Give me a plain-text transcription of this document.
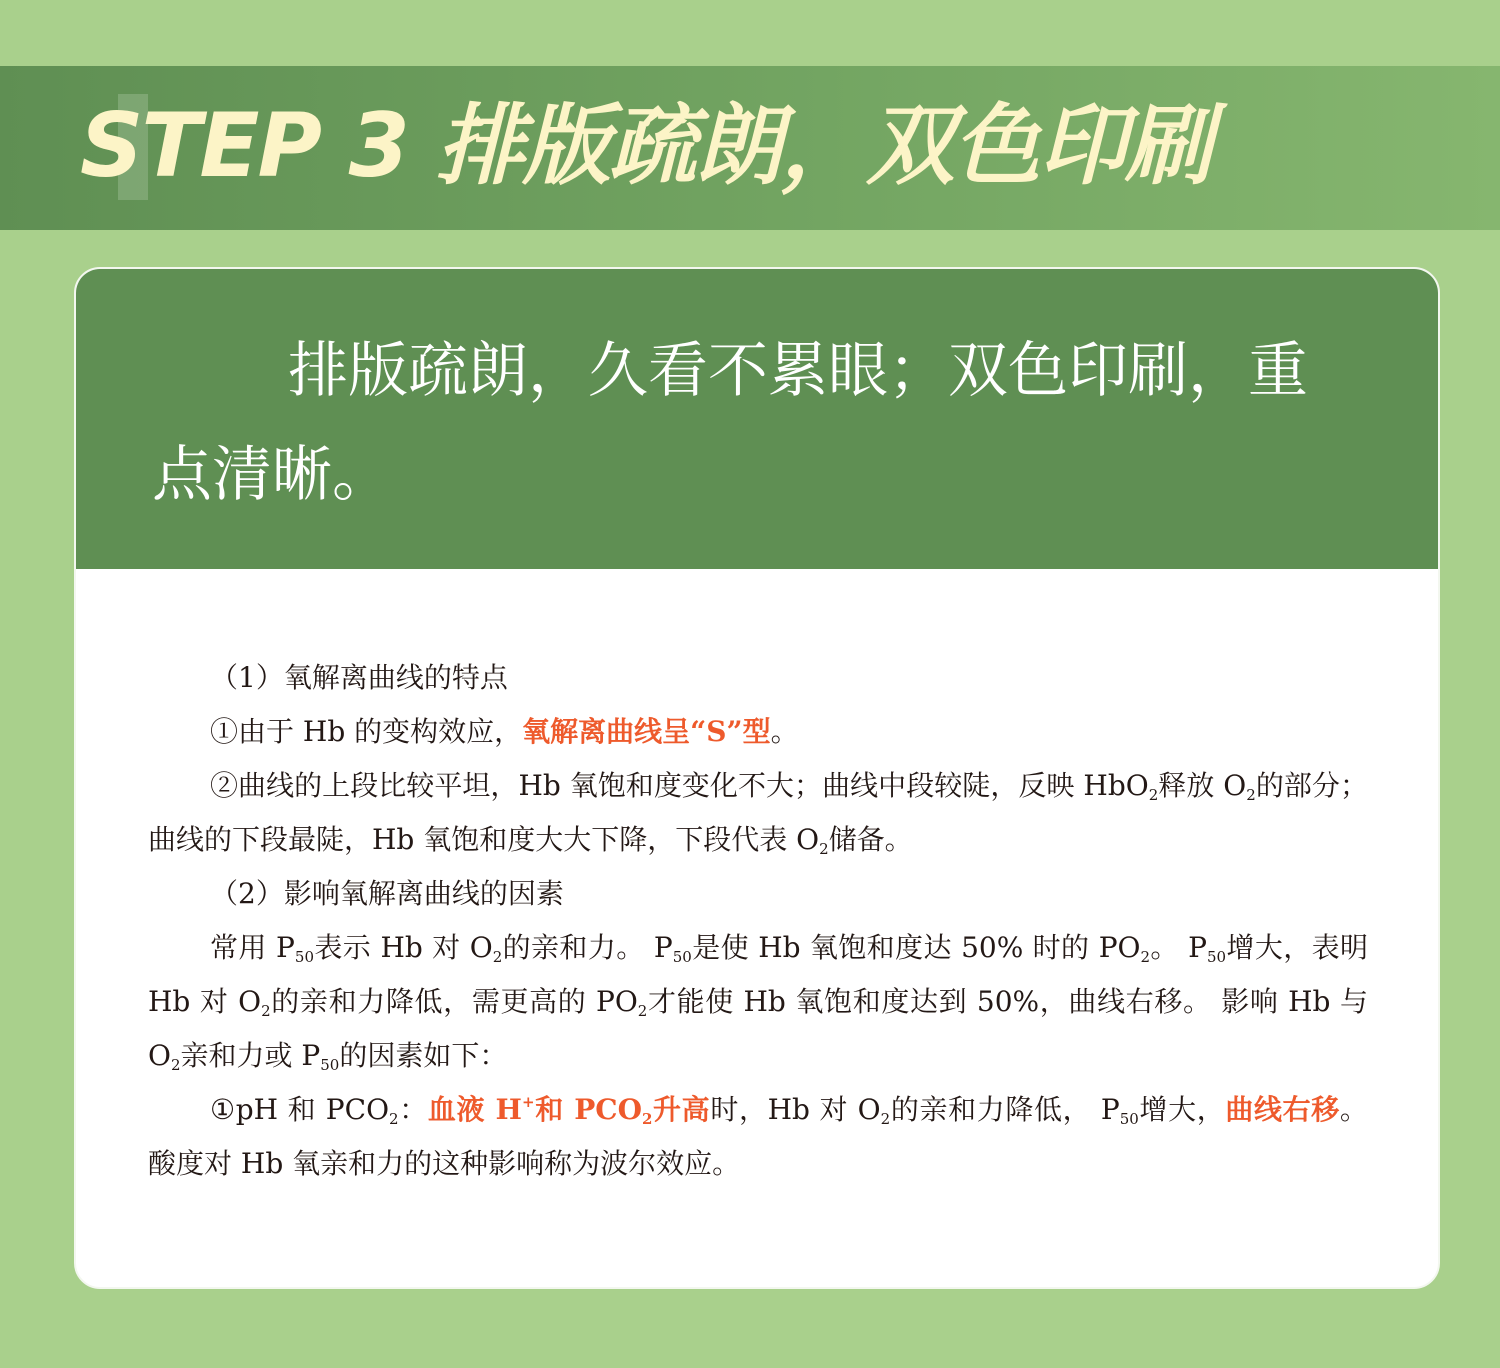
STEP 3 排版疏朗，双色印刷

排版疏朗，久看不累眼；双色印刷，重点清晰。

（1）氧解离曲线的特点

①由于 Hb 的变构效应，氧解离曲线呈“S”型。

②曲线的上段比较平坦，Hb 氧饱和度变化不大；曲线中段较陡，反映 HbO$_2$释放 $O_2$的部分；曲线的下段最陡，Hb 氧饱和度大大下降，下段代表 $O_2$储备。

（2）影响氧解离曲线的因素

常用 $P_{50}$表示 Hb 对 $O_2$的亲和力。 $P_{50}$是使 Hb 氧饱和度达 50% 时的 $PO_2$。 $P_{50}$增大，表明 Hb 对 $O_2$的亲和力降低，需更高的 $PO_2$才能使 Hb 氧饱和度达到 50%，曲线右移。 影响 Hb 与 $O_2$亲和力或 $P_{50}$的因素如下：

①pH 和 $PCO_2$：血液 H+和 $PCO_2$升高时，Hb 对 $O_2$的亲和力降低， $P_{50}$增大，曲线右移。 酸度对 Hb 氧亲和力的这种影响称为波尔效应。
